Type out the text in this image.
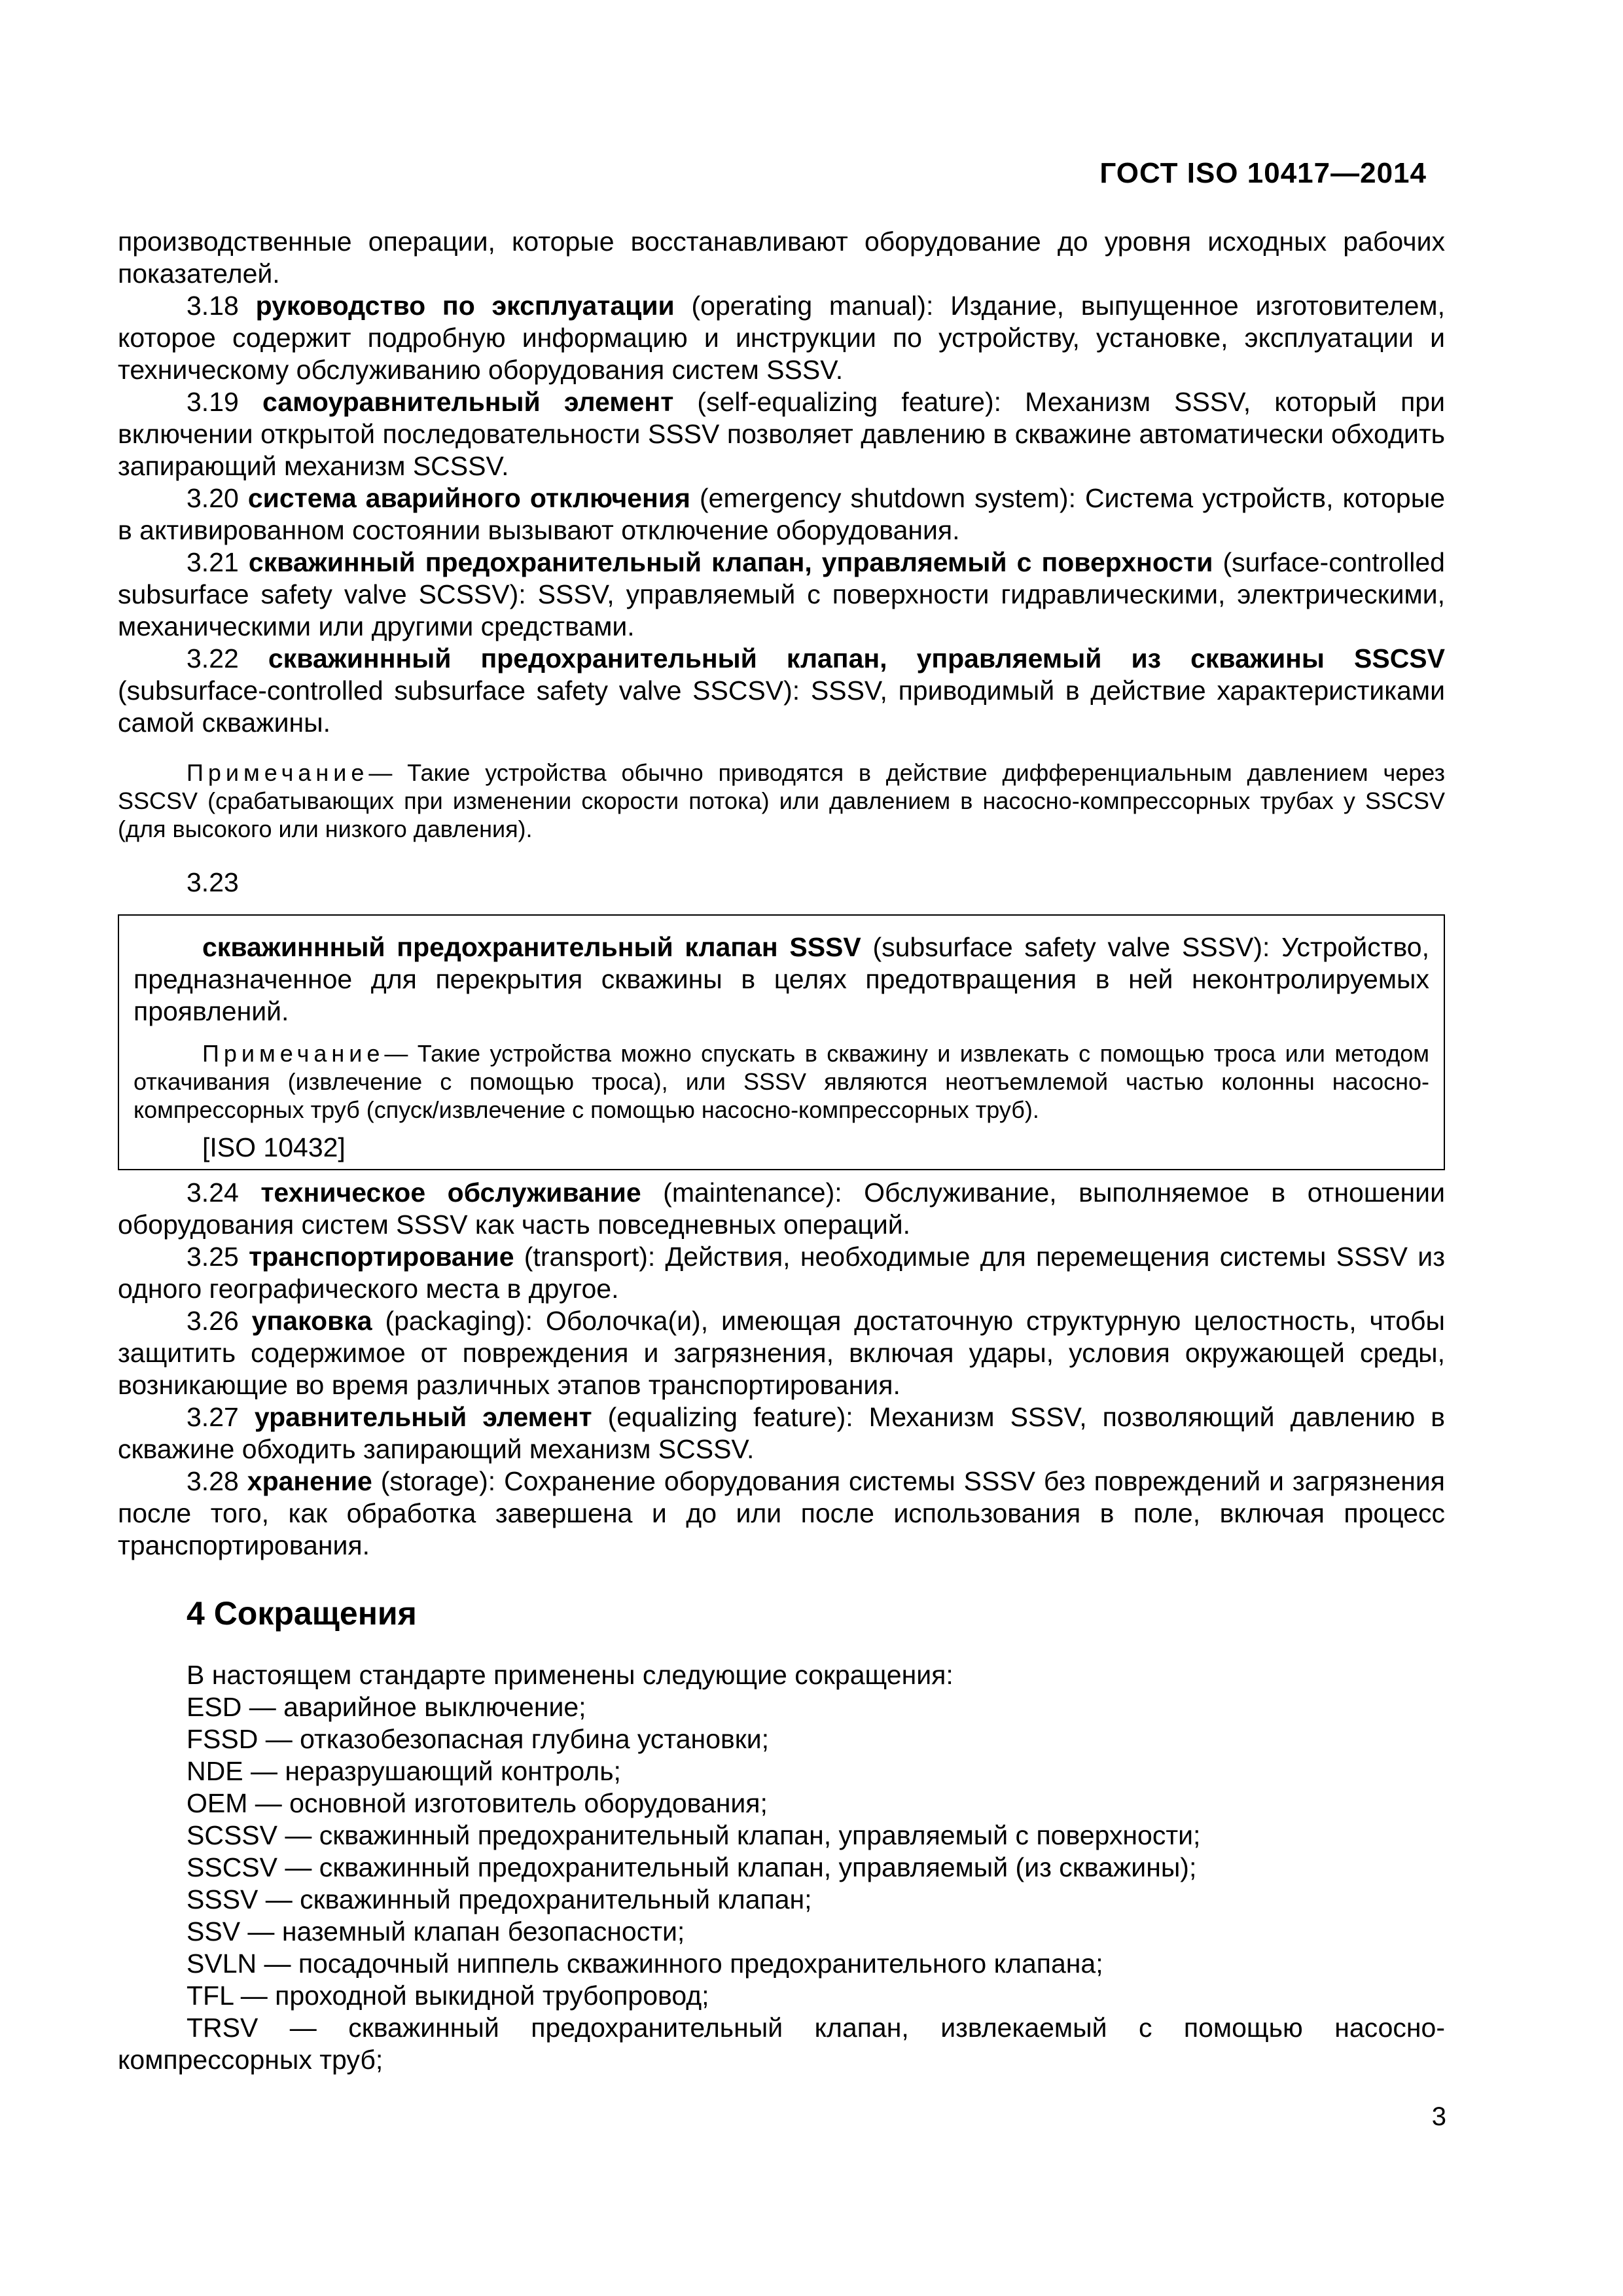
ГОСТ ISO 10417—2014

производственные операции, которые восстанавливают оборудование до уровня исходных рабочих показателей.

3.18 руководство по эксплуатации (operating manual): Издание, выпущенное изготовителем, которое содержит подробную информацию и инструкции по устройству, установке, эксплуатации и техническому обслуживанию оборудования систем SSSV.

3.19 самоуравнительный элемент (self-equalizing feature): Механизм SSSV, который при включении открытой последовательности SSSV позволяет давлению в скважине автоматически обходить запирающий механизм SCSSV.

3.20 система аварийного отключения (emergency shutdown system): Система устройств, которые в активированном состоянии вызывают отключение оборудования.

3.21 скважинный предохранительный клапан, управляемый с поверхности (surface-controlled subsurface safety valve SCSSV): SSSV, управляемый с поверхности гидравлическими, электрическими, механическими или другими средствами.

3.22 скважиннный предохранительный клапан, управляемый из скважины SSCSV (subsurface-controlled subsurface safety valve SSCSV): SSSV, приводимый в действие характеристиками самой скважины.

Примечание— Такие устройства обычно приводятся в действие дифференциальным давлением через SSCSV (срабатывающих при изменении скорости потока) или давлением в насосно-компрессорных трубах у SSCSV (для высокого или низкого давления).

3.23

скважиннный предохранительный клапан SSSV (subsurface safety valve SSSV): Устройство, предназначенное для перекрытия скважины в целях предотвращения в ней неконтролируемых проявлений.

Примечание— Такие устройства можно спускать в скважину и извлекать с помощью троса или методом откачивания (извлечение с помощью троса), или SSSV являются неотъемлемой частью колонны насосно-компрессорных труб (спуск/извлечение с помощью насосно-компрессорных труб).

[ISO 10432]

3.24 техническое обслуживание (maintenance): Обслуживание, выполняемое в отношении оборудования систем SSSV как часть повседневных операций.

3.25 транспортирование (transport): Действия, необходимые для перемещения системы SSSV из одного географического места в другое.

3.26 упаковка (packaging): Оболочка(и), имеющая достаточную структурную целостность, чтобы защитить содержимое от повреждения и загрязнения, включая удары, условия окружающей среды, возникающие во время различных этапов транспортирования.

3.27 уравнительный элемент (equalizing feature): Механизм SSSV, позволяющий давлению в скважине обходить запирающий механизм SCSSV.

3.28 хранение (storage): Сохранение оборудования системы SSSV без повреждений и загрязнения после того, как обработка завершена и до или после использования в поле, включая процесс транспортирования.

4 Сокращения

В настоящем стандарте применены следующие сокращения:

ESD — аварийное выключение;

FSSD — отказобезопасная глубина установки;

NDE — неразрушающий контроль;

OEM — основной изготовитель оборудования;

SCSSV — скважинный предохранительный клапан, управляемый с поверхности;

SSCSV — скважинный предохранительный клапан, управляемый (из скважины);

SSSV — скважинный предохранительный клапан;

SSV — наземный клапан безопасности;

SVLN — посадочный ниппель скважинного предохранительного клапана;

TFL — проходной выкидной трубопровод;

TRSV — скважинный предохранительный клапан, извлекаемый с помощью насосно-компрессорных труб;

3
